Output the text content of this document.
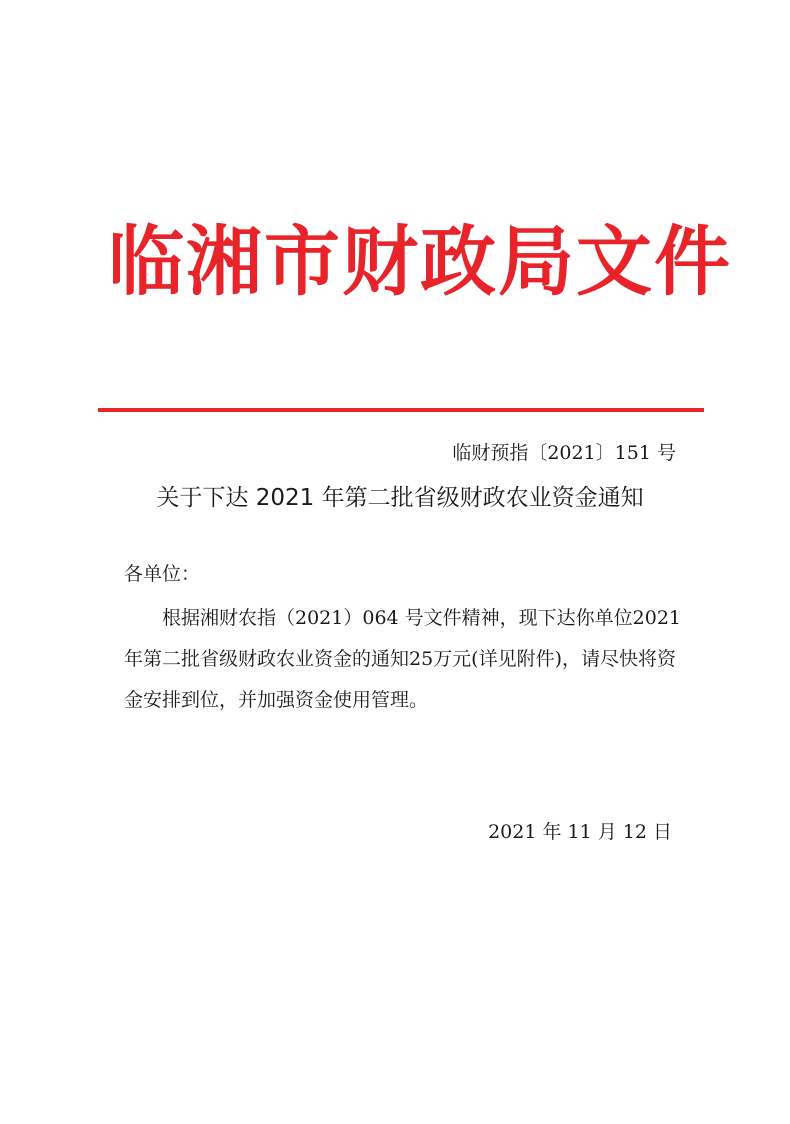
临湘市财政局文件
临财预指〔2021〕151 号
关于下达 2021 年第二批省级财政农业资金通知
各单位：

根据湘财农指（2021）064 号文件精神，现下达你单位2021 年第二批省级财政农业资金的通知25万元(详见附件)，请尽快将资金安排到位，并加强资金使用管理。

2021 年 11 月 12 日
